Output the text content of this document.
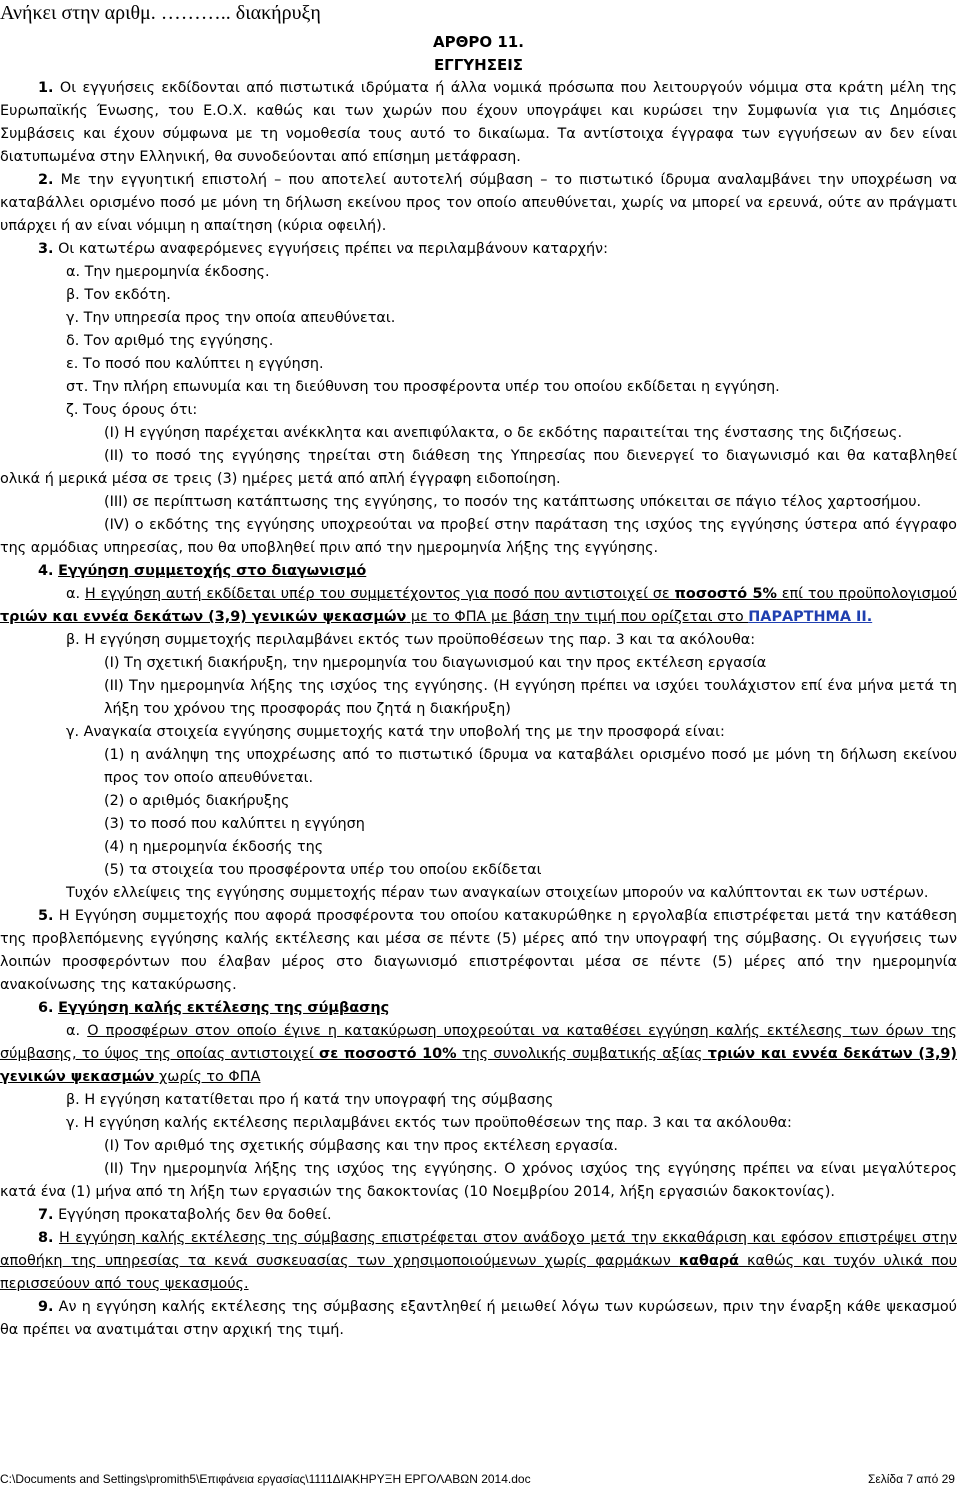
Ανήκει στην αριθμ. ……….. διακήρυξη

ΑΡΘΡΟ 11.

ΕΓΓΥΗΣΕΙΣ

1. Οι εγγυήσεις εκδίδονται από πιστωτικά ιδρύματα ή άλλα νομικά πρόσωπα που λειτουργούν νόμιμα στα κράτη μέλη της Ευρωπαϊκής Ένωσης, του Ε.Ο.Χ. καθώς και των χωρών που έχουν υπογράψει και κυρώσει την Συμφωνία για τις Δημόσιες Συμβάσεις και έχουν σύμφωνα με τη νομοθεσία τους αυτό το δικαίωμα. Τα αντίστοιχα έγγραφα των εγγυήσεων αν δεν είναι διατυπωμένα στην Ελληνική, θα συνοδεύονται από επίσημη μετάφραση.

2. Με την εγγυητική επιστολή – που αποτελεί αυτοτελή σύμβαση – το πιστωτικό ίδρυμα αναλαμβάνει την υποχρέωση να καταβάλλει ορισμένο ποσό με μόνη τη δήλωση εκείνου προς τον οποίο απευθύνεται, χωρίς να μπορεί να ερευνά, ούτε αν πράγματι υπάρχει ή αν είναι νόμιμη η απαίτηση (κύρια οφειλή).

3. Οι κατωτέρω αναφερόμενες εγγυήσεις πρέπει να περιλαμβάνουν καταρχήν:

α. Την ημερομηνία έκδοσης.

β. Τον εκδότη.

γ. Την υπηρεσία προς την οποία απευθύνεται.

δ. Τον αριθμό της εγγύησης.

ε. Το ποσό που καλύπτει η εγγύηση.

στ. Την πλήρη επωνυμία και τη διεύθυνση του προσφέροντα υπέρ του οποίου εκδίδεται η εγγύηση.

ζ. Τους όρους ότι:

(Ι) Η εγγύηση παρέχεται ανέκκλητα και ανεπιφύλακτα, ο δε εκδότης παραιτείται της ένστασης της διζήσεως.

(ΙΙ) το ποσό της εγγύησης τηρείται στη διάθεση της Υπηρεσίας που διενεργεί το διαγωνισμό και θα καταβληθεί ολικά ή μερικά μέσα σε τρεις (3) ημέρες μετά από απλή έγγραφη ειδοποίηση.

(ΙΙΙ) σε περίπτωση κατάπτωσης της εγγύησης, το ποσόν της κατάπτωσης υπόκειται σε πάγιο τέλος χαρτοσήμου.

(IV) ο εκδότης της εγγύησης υποχρεούται να προβεί στην παράταση της ισχύος της εγγύησης ύστερα από έγγραφο της αρμόδιας υπηρεσίας, που θα υποβληθεί πριν από την ημερομηνία λήξης της εγγύησης.

4. Εγγύηση συμμετοχής στο διαγωνισμό

α. Η εγγύηση αυτή εκδίδεται υπέρ του συμμετέχοντος για ποσό που αντιστοιχεί σε ποσοστό 5% επί του προϋπολογισμού τριών και εννέα δεκάτων (3,9) γενικών ψεκασμών με το ΦΠΑ με βάση την τιμή που ορίζεται στο ΠΑΡΑΡΤΗΜΑ ΙΙ.

β. Η εγγύηση συμμετοχής περιλαμβάνει εκτός των προϋποθέσεων της παρ. 3 και τα ακόλουθα:

(Ι) Τη σχετική διακήρυξη, την ημερομηνία του διαγωνισμού και την προς εκτέλεση εργασία

(ΙΙ) Την ημερομηνία λήξης της ισχύος της εγγύησης. (Η εγγύηση πρέπει να ισχύει τουλάχιστον επί ένα μήνα μετά τη λήξη του χρόνου της προσφοράς που ζητά η διακήρυξη)

γ. Αναγκαία στοιχεία εγγύησης συμμετοχής κατά την υποβολή της με την προσφορά είναι:

(1) η ανάληψη της υποχρέωσης από το πιστωτικό ίδρυμα να καταβάλει ορισμένο ποσό με μόνη τη δήλωση εκείνου προς τον οποίο απευθύνεται.

(2) ο αριθμός διακήρυξης

(3) το ποσό που καλύπτει η εγγύηση

(4) η ημερομηνία έκδοσής της

(5) τα στοιχεία του προσφέροντα υπέρ του οποίου εκδίδεται

Τυχόν ελλείψεις της εγγύησης συμμετοχής πέραν των αναγκαίων στοιχείων μπορούν να καλύπτονται εκ των υστέρων.

5. Η Εγγύηση συμμετοχής που αφορά προσφέροντα του οποίου κατακυρώθηκε η εργολαβία επιστρέφεται μετά την κατάθεση της προβλεπόμενης εγγύησης καλής εκτέλεσης και μέσα σε πέντε (5) μέρες από την υπογραφή της σύμβασης. Οι εγγυήσεις των λοιπών προσφερόντων που έλαβαν μέρος στο διαγωνισμό επιστρέφονται μέσα σε πέντε (5) μέρες από την ημερομηνία ανακοίνωσης της κατακύρωσης.

6. Εγγύηση καλής εκτέλεσης της σύμβασης

α. Ο προσφέρων στον οποίο έγινε η κατακύρωση υποχρεούται να καταθέσει εγγύηση καλής εκτέλεσης των όρων της σύμβασης, το ύψος της οποίας αντιστοιχεί σε ποσοστό 10% της συνολικής συμβατικής αξίας τριών και εννέα δεκάτων (3,9) γενικών ψεκασμών χωρίς το ΦΠΑ

β. Η εγγύηση κατατίθεται προ ή κατά την υπογραφή της σύμβασης

γ. Η εγγύηση καλής εκτέλεσης περιλαμβάνει εκτός των προϋποθέσεων της παρ. 3 και τα ακόλουθα:

(Ι) Τον αριθμό της σχετικής σύμβασης και την προς εκτέλεση εργασία.

(ΙΙ) Την ημερομηνία λήξης της ισχύος της εγγύησης. Ο χρόνος ισχύος της εγγύησης πρέπει να είναι μεγαλύτερος κατά ένα (1) μήνα από τη λήξη των εργασιών της δακοκτονίας (10 Νοεμβρίου 2014, λήξη εργασιών δακοκτονίας).

7. Εγγύηση προκαταβολής δεν θα δοθεί.

8. Η εγγύηση καλής εκτέλεσης της σύμβασης επιστρέφεται στον ανάδοχο μετά την εκκαθάριση και εφόσον επιστρέψει στην αποθήκη της υπηρεσίας τα κενά συσκευασίας των χρησιμοποιούμενων χωρίς φαρμάκων καθαρά καθώς και τυχόν υλικά που περισσεύουν από τους ψεκασμούς.

9. Αν η εγγύηση καλής εκτέλεσης της σύμβασης εξαντληθεί ή μειωθεί λόγω των κυρώσεων, πριν την έναρξη κάθε ψεκασμού θα πρέπει να ανατιμάται στην αρχική της τιμή.

C:\Documents and Settings\promith5\Επιφάνεια εργασίας\1111ΔΙΑΚΗΡΥΞΗ ΕΡΓΟΛΑΒΩΝ 2014.doc	Σελίδα 7 από 29
